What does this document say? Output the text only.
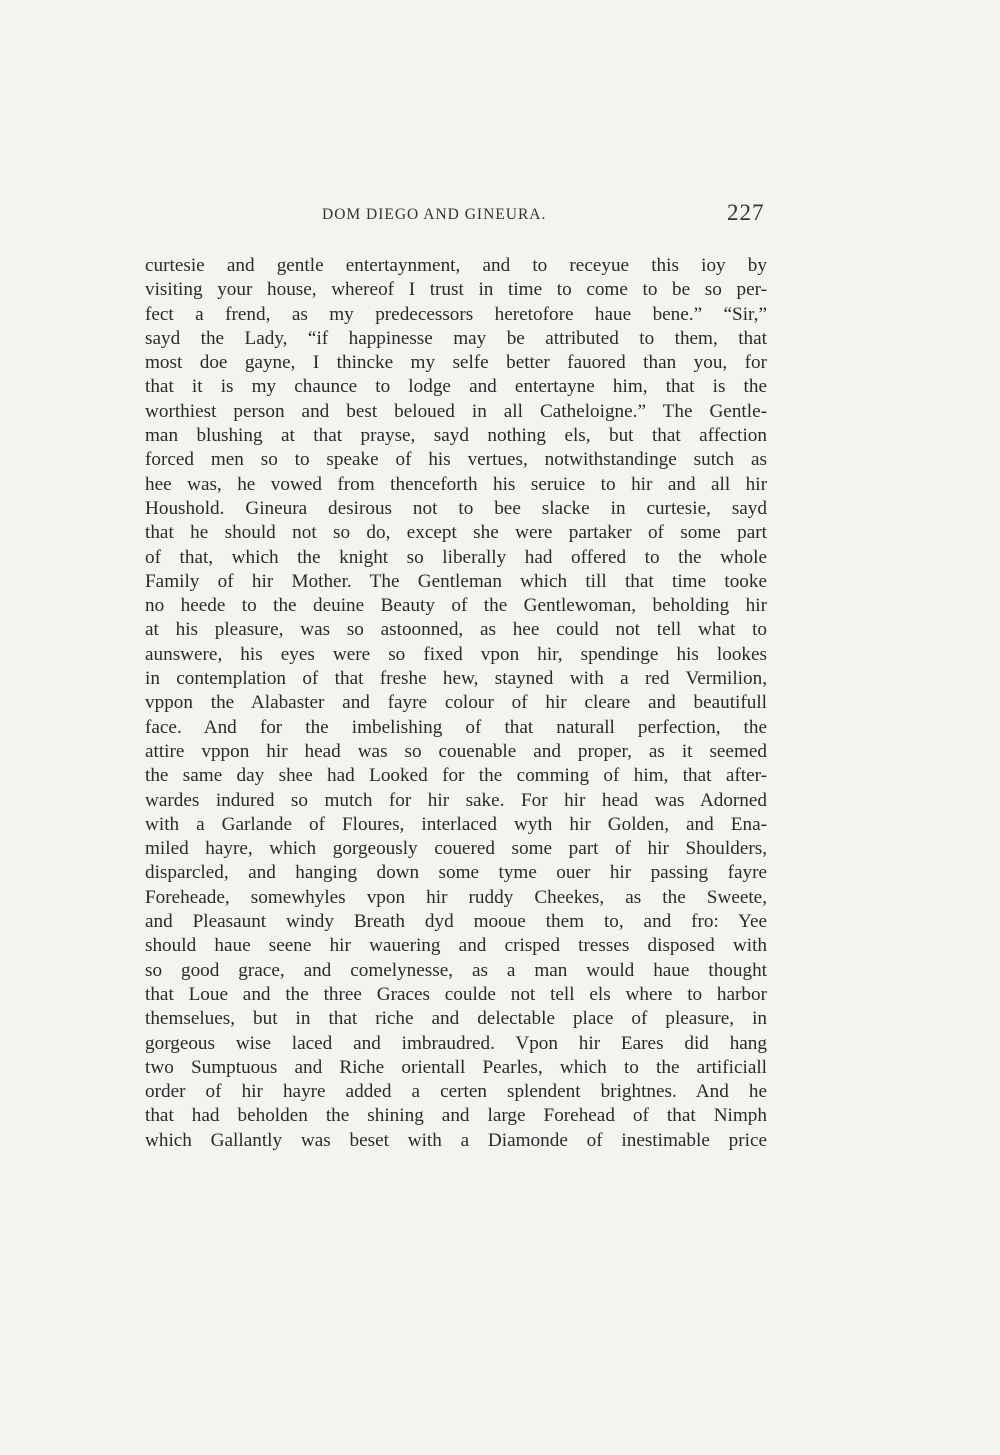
DOM DIEGO AND GINEURA.	227
curtesie and gentle entertaynment, and to receyue this ioy by
visiting your house, whereof I trust in time to come to be so per-
fect a frend, as my predecessors heretofore haue bene.” “Sir,”
sayd the Lady, “if happinesse may be attributed to them, that
most doe gayne, I thincke my selfe better fauored than you, for
that it is my chaunce to lodge and entertayne him, that is the
worthiest person and best beloued in all Catheloigne.” The Gentle-
man blushing at that prayse, sayd nothing els, but that affection
forced men so to speake of his vertues, notwithstandinge sutch as
hee was, he vowed from thenceforth his seruice to hir and all hir
Houshold. Gineura desirous not to bee slacke in curtesie, sayd
that he should not so do, except she were partaker of some part
of that, which the knight so liberally had offered to the whole
Family of hir Mother. The Gentleman which till that time tooke
no heede to the deuine Beauty of the Gentlewoman, beholding hir
at his pleasure, was so astoonned, as hee could not tell what to
aunswere, his eyes were so fixed vpon hir, spendinge his lookes
in contemplation of that freshe hew, stayned with a red Vermilion,
vppon the Alabaster and fayre colour of hir cleare and beautifull
face. And for the imbelishing of that naturall perfection, the
attire vppon hir head was so couenable and proper, as it seemed
the same day shee had Looked for the comming of him, that after-
wardes indured so mutch for hir sake. For hir head was Adorned
with a Garlande of Floures, interlaced wyth hir Golden, and Ena-
miled hayre, which gorgeously couered some part of hir Shoulders,
disparcled, and hanging down some tyme ouer hir passing fayre
Foreheade, somewhyles vpon hir ruddy Cheekes, as the Sweete,
and Pleasaunt windy Breath dyd mooue them to, and fro: Yee
should haue seene hir wauering and crisped tresses disposed with
so good grace, and comelynesse, as a man would haue thought
that Loue and the three Graces coulde not tell els where to harbor
themselues, but in that riche and delectable place of pleasure, in
gorgeous wise laced and imbraudred. Vpon hir Eares did hang
two Sumptuous and Riche orientall Pearles, which to the artificiall
order of hir hayre added a certen splendent brightnes. And he
that had beholden the shining and large Forehead of that Nimph
which Gallantly was beset with a Diamonde of inestimable price
